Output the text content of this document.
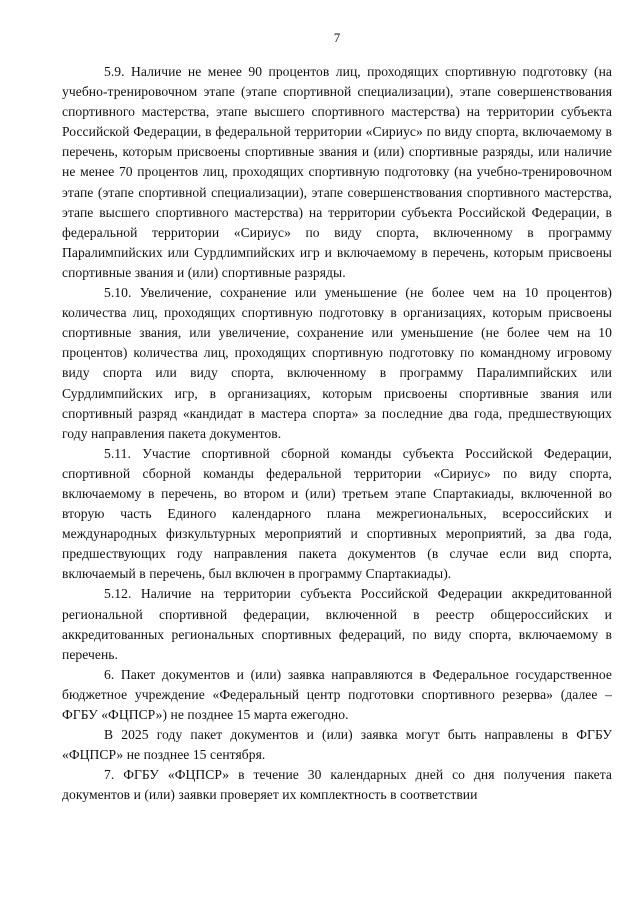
7

5.9. Наличие не менее 90 процентов лиц, проходящих спортивную подготовку (на учебно-тренировочном этапе (этапе спортивной специализации), этапе совершенствования спортивного мастерства, этапе высшего спортивного мастерства) на территории субъекта Российской Федерации, в федеральной территории «Сириус» по виду спорта, включаемому в перечень, которым присвоены спортивные звания и (или) спортивные разряды, или наличие не менее 70 процентов лиц, проходящих спортивную подготовку (на учебно-тренировочном этапе (этапе спортивной специализации), этапе совершенствования спортивного мастерства, этапе высшего спортивного мастерства) на территории субъекта Российской Федерации, в федеральной территории «Сириус» по виду спорта, включенному в программу Паралимпийских или Сурдлимпийских игр и включаемому в перечень, которым присвоены спортивные звания и (или) спортивные разряды.

5.10. Увеличение, сохранение или уменьшение (не более чем на 10 процентов) количества лиц, проходящих спортивную подготовку в организациях, которым присвоены спортивные звания, или увеличение, сохранение или уменьшение (не более чем на 10 процентов) количества лиц, проходящих спортивную подготовку по командному игровому виду спорта или виду спорта, включенному в программу Паралимпийских или Сурдлимпийских игр, в организациях, которым присвоены спортивные звания или спортивный разряд «кандидат в мастера спорта» за последние два года, предшествующих году направления пакета документов.

5.11. Участие спортивной сборной команды субъекта Российской Федерации, спортивной сборной команды федеральной территории «Сириус» по виду спорта, включаемому в перечень, во втором и (или) третьем этапе Спартакиады, включенной во вторую часть Единого календарного плана межрегиональных, всероссийских и международных физкультурных мероприятий и спортивных мероприятий, за два года, предшествующих году направления пакета документов (в случае если вид спорта, включаемый в перечень, был включен в программу Спартакиады).

5.12. Наличие на территории субъекта Российской Федерации аккредитованной региональной спортивной федерации, включенной в реестр общероссийских и аккредитованных региональных спортивных федераций, по виду спорта, включаемому в перечень.

6. Пакет документов и (или) заявка направляются в Федеральное государственное бюджетное учреждение «Федеральный центр подготовки спортивного резерва» (далее – ФГБУ «ФЦПСР») не позднее 15 марта ежегодно.

В 2025 году пакет документов и (или) заявка могут быть направлены в ФГБУ «ФЦПСР» не позднее 15 сентября.

7. ФГБУ «ФЦПСР» в течение 30 календарных дней со дня получения пакета документов и (или) заявки проверяет их комплектность в соответствии
